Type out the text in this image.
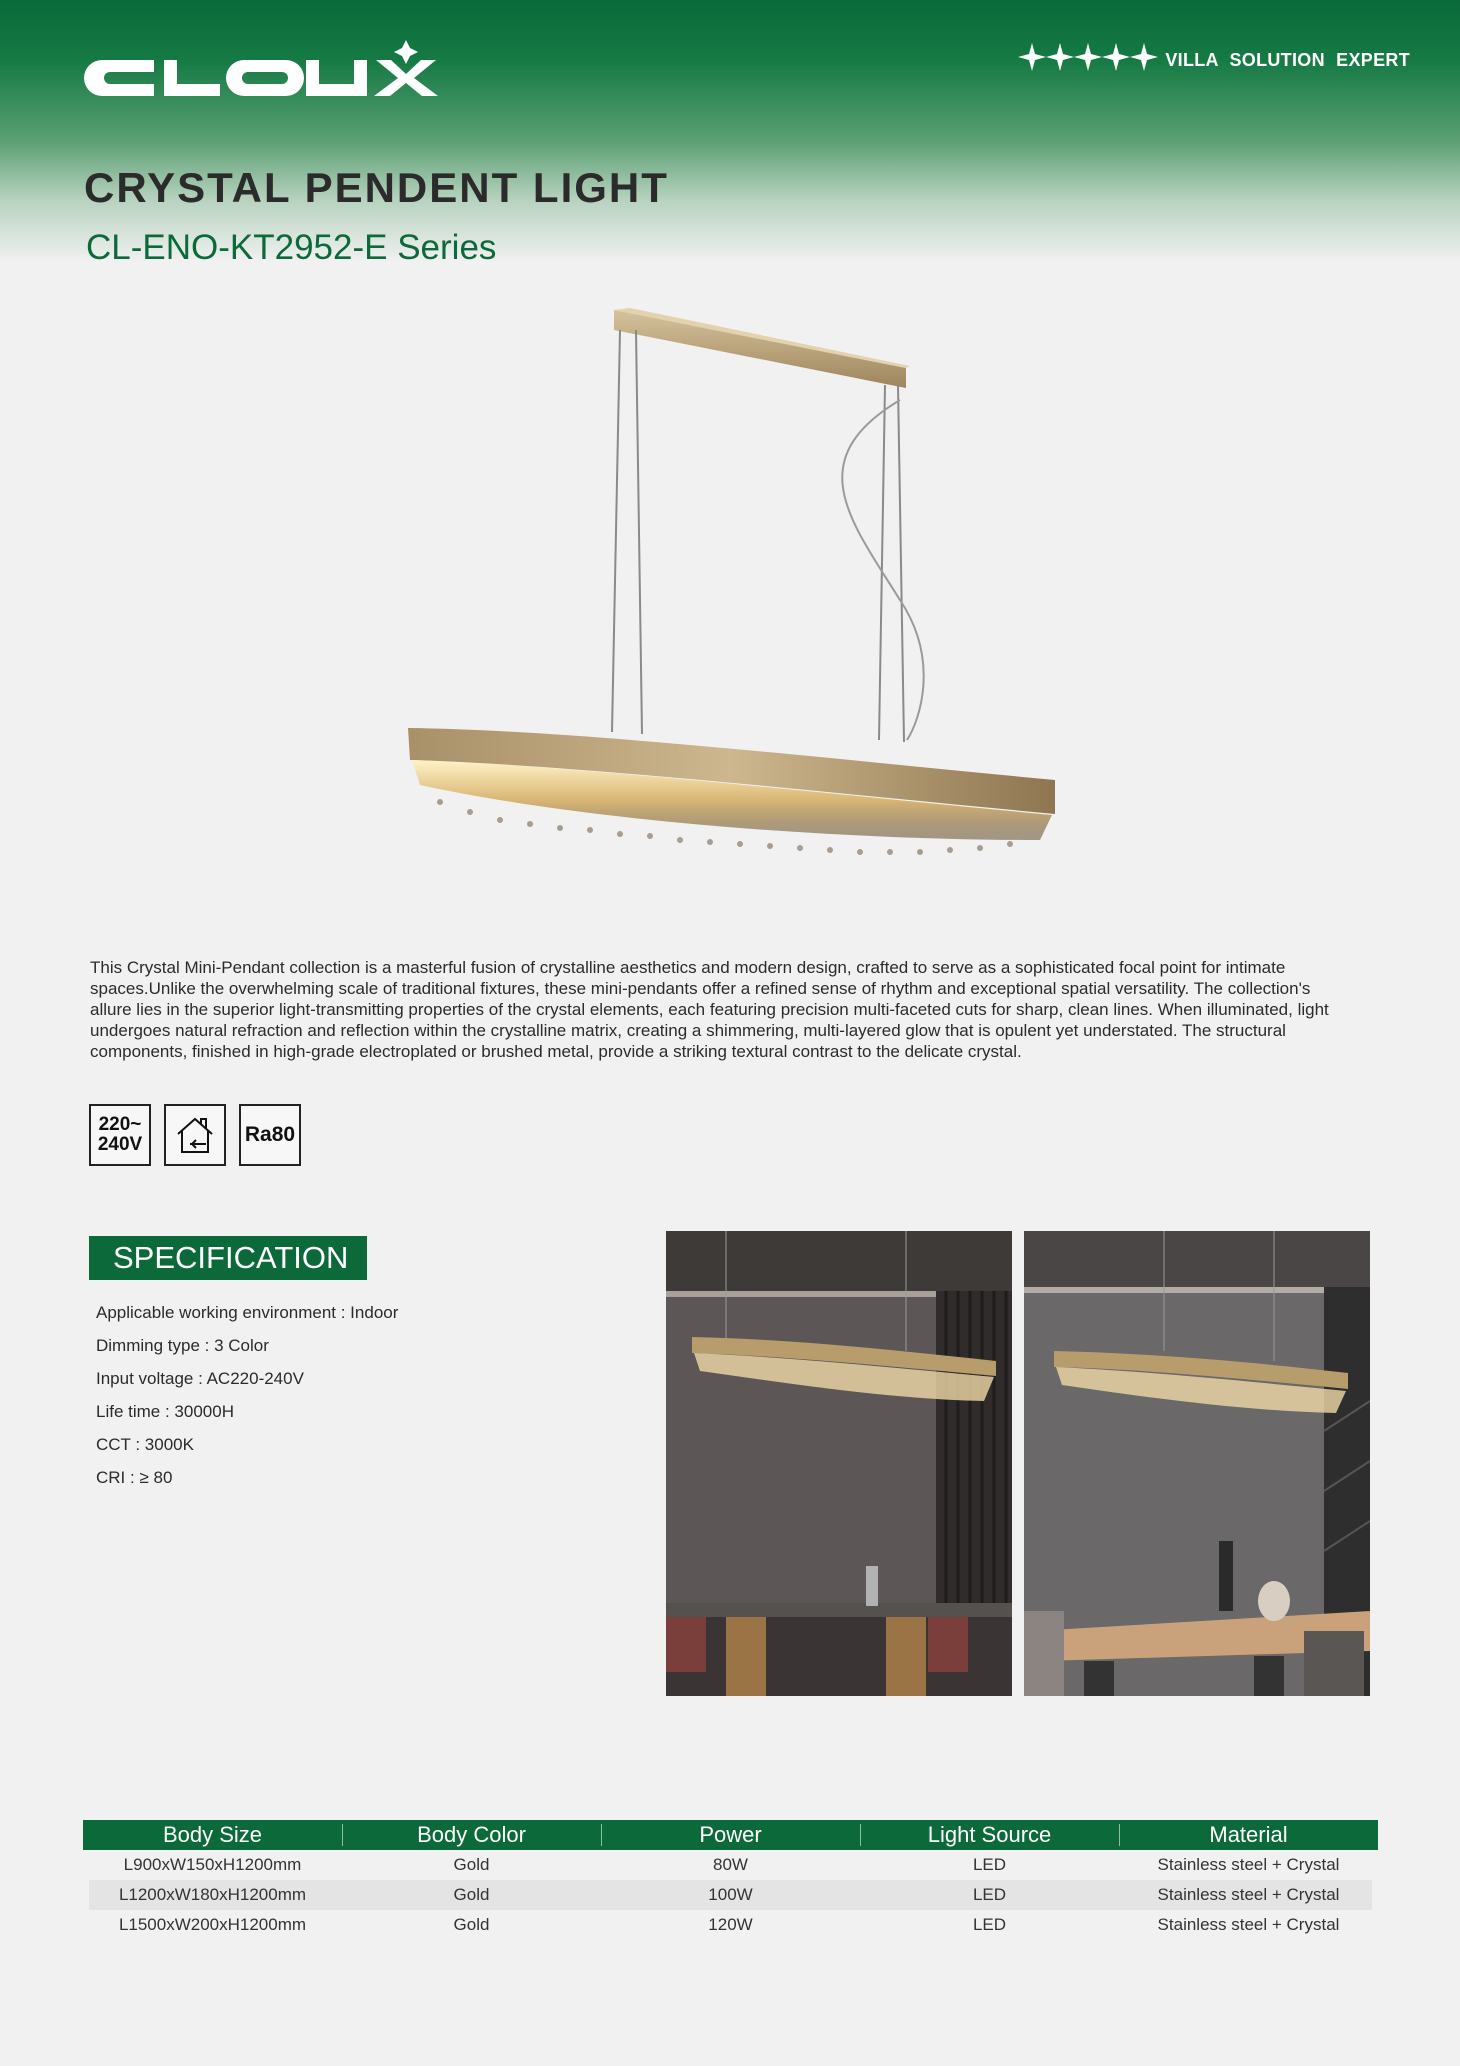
VILLA SOLUTION EXPERT
CRYSTAL PENDENT LIGHT
CL-ENO-KT2952-E Series

This Crystal Mini-Pendant collection is a masterful fusion of crystalline aesthetics and modern design, crafted to serve as a sophisticated focal point for intimate spaces.Unlike the overwhelming scale of traditional fixtures, these mini-pendants offer a refined sense of rhythm and exceptional spatial versatility. The collection's allure lies in the superior light-transmitting properties of the crystal elements, each featuring precision multi-faceted cuts for sharp, clean lines. When illuminated, light undergoes natural refraction and reflection within the crystalline matrix, creating a shimmering, multi-layered glow that is opulent yet understated. The structural components, finished in high-grade electroplated or brushed metal, provide a striking textural contrast to the delicate crystal.

220~
240V	Ra80
SPECIFICATION
Applicable working environment : Indoor
Dimming type : 3 Color
Input voltage : AC220-240V
Life time : 30000H
CCT : 3000K
CRI : ≥ 80
Body Size	Body Color	Power	Light Source	Material
L900xW150xH1200mm	Gold	80W	LED	Stainless steel + Crystal
L1200xW180xH1200mm	Gold	100W	LED	Stainless steel + Crystal
L1500xW200xH1200mm	Gold	120W	LED	Stainless steel + Crystal
